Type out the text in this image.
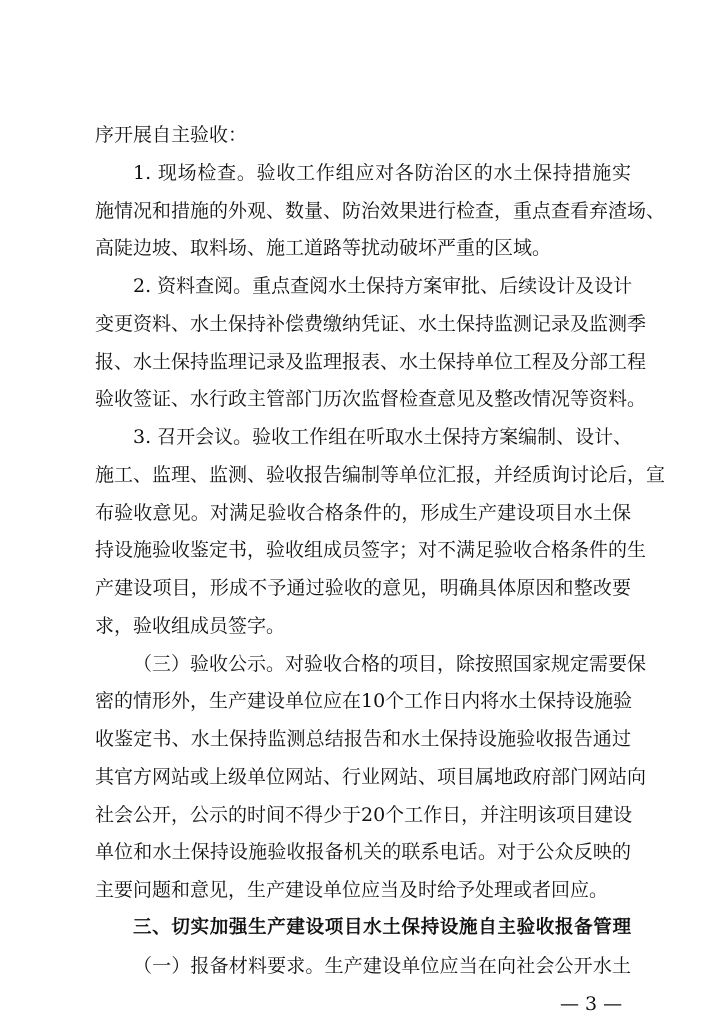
序开展自主验收：
1. 现场检查。验收工作组应对各防治区的水土保持措施实
施情况和措施的外观、数量、防治效果进行检查，重点查看弃渣场、
高陡边坡、取料场、施工道路等扰动破坏严重的区域。
2. 资料查阅。重点查阅水土保持方案审批、后续设计及设计
变更资料、水土保持补偿费缴纳凭证、水土保持监测记录及监测季
报、水土保持监理记录及监理报表、水土保持单位工程及分部工程
验收签证、水行政主管部门历次监督检查意见及整改情况等资料。
3. 召开会议。验收工作组在听取水土保持方案编制、设计、
施工、监理、监测、验收报告编制等单位汇报，并经质询讨论后，宣
布验收意见。对满足验收合格条件的，形成生产建设项目水土保
持设施验收鉴定书，验收组成员签字；对不满足验收合格条件的生
产建设项目，形成不予通过验收的意见，明确具体原因和整改要
求，验收组成员签字。
（三）验收公示。对验收合格的项目，除按照国家规定需要保
密的情形外，生产建设单位应在10个工作日内将水土保持设施验
收鉴定书、水土保持监测总结报告和水土保持设施验收报告通过
其官方网站或上级单位网站、行业网站、项目属地政府部门网站向
社会公开，公示的时间不得少于20个工作日，并注明该项目建设
单位和水土保持设施验收报备机关的联系电话。对于公众反映的
主要问题和意见，生产建设单位应当及时给予处理或者回应。
三、切实加强生产建设项目水土保持设施自主验收报备管理
（一）报备材料要求。生产建设单位应当在向社会公开水土
— 3 —
